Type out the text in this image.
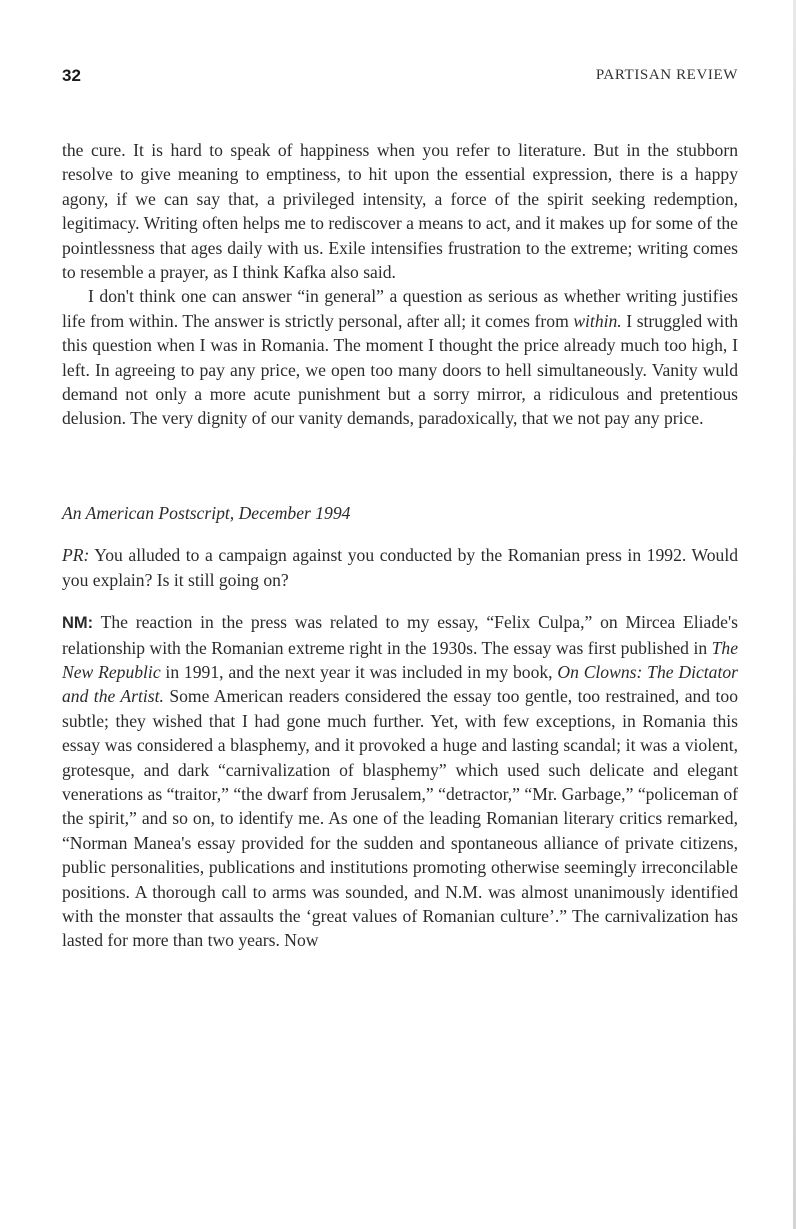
32	PARTISAN REVIEW

the cure. It is hard to speak of happiness when you refer to literature. But in the stubborn resolve to give meaning to emptiness, to hit upon the essential expression, there is a happy agony, if we can say that, a privileged intensity, a force of the spirit seeking redemption, legitimacy. Writing often helps me to rediscover a means to act, and it makes up for some of the pointlessness that ages daily with us. Exile intensifies frustration to the extreme; writing comes to resemble a prayer, as I think Kafka also said.

I don't think one can answer “in general” a question as serious as whether writing justifies life from within. The answer is strictly personal, after all; it comes from within. I struggled with this question when I was in Romania. The moment I thought the price already much too high, I left. In agreeing to pay any price, we open too many doors to hell simultaneously. Vanity wuld demand not only a more acute punishment but a sorry mirror, a ridiculous and pretentious delusion. The very dignity of our vanity demands, paradoxically, that we not pay any price.

An American Postscript, December 1994

PR: You alluded to a campaign against you conducted by the Romanian press in 1992. Would you explain? Is it still going on?

NM: The reaction in the press was related to my essay, “Felix Culpa,” on Mircea Eliade's relationship with the Romanian extreme right in the 1930s. The essay was first published in The New Republic in 1991, and the next year it was included in my book, On Clowns: The Dictator and the Artist. Some American readers considered the essay too gentle, too restrained, and too subtle; they wished that I had gone much further. Yet, with few exceptions, in Romania this essay was considered a blasphemy, and it provoked a huge and lasting scandal; it was a violent, grotesque, and dark “carnivalization of blasphemy” which used such delicate and elegant venerations as “traitor,” “the dwarf from Jerusalem,” “detractor,” “Mr. Garbage,” “policeman of the spirit,” and so on, to identify me. As one of the leading Romanian literary critics remarked, “Norman Manea's essay provided for the sudden and spontaneous alliance of private citizens, public personalities, publications and institutions promoting otherwise seemingly irreconcilable positions. A thorough call to arms was sounded, and N.M. was almost unanimously identified with the monster that assaults the ‘great values of Romanian culture’.” The carnivalization has lasted for more than two years. Now
